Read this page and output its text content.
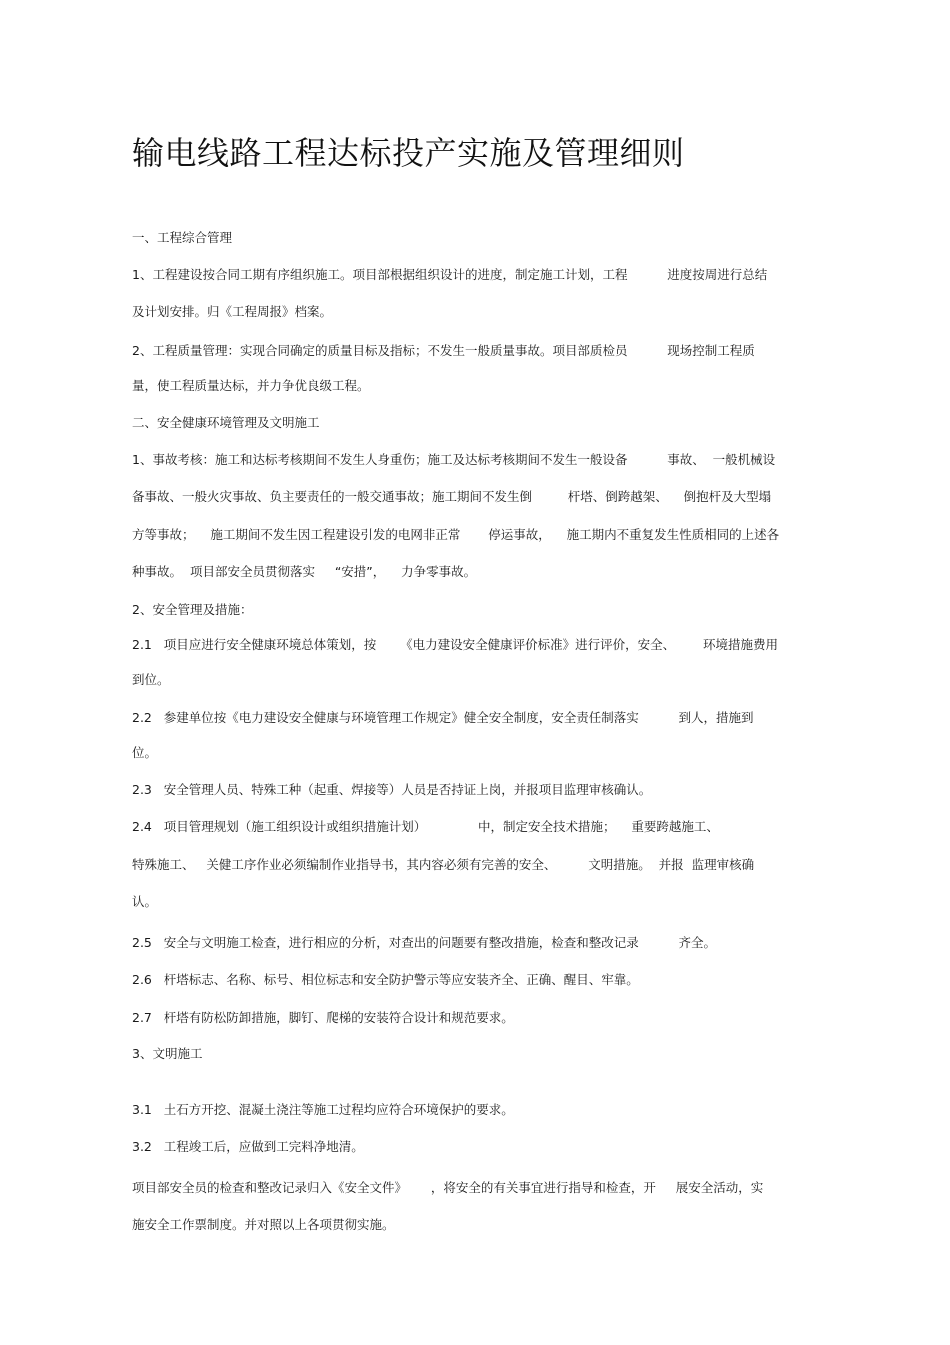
输电线路工程达标投产实施及管理细则
一、工程综合管理
1、工程建设按合同工期有序组织施工。项目部根据组织设计的进度，制定施工计划，工程          进度按周进行总结
及计划安排。归《工程周报》档案。
2、工程质量管理：实现合同确定的质量目标及指标；不发生一般质量事故。项目部质检员          现场控制工程质
量，使工程质量达标，并力争优良级工程。
二、安全健康环境管理及文明施工
1、事故考核：施工和达标考核期间不发生人身重伤；施工及达标考核期间不发生一般设备          事故、  一般机械设
备事故、一般火灾事故、负主要责任的一般交通事故；施工期间不发生倒         杆塔、倒跨越架、    倒抱杆及大型塌
方等事故；    施工期间不发生因工程建设引发的电网非正常       停运事故，    施工期内不重复发生性质相同的上述各
种事故。  项目部安全员贯彻落实     “安措”，    力争零事故。
2、安全管理及措施：
2.1   项目应进行安全健康环境总体策划，按      《电力建设安全健康评价标准》进行评价，安全、       环境措施费用
到位。
2.2   参建单位按《电力建设安全健康与环境管理工作规定》健全安全制度，安全责任制落实          到人，措施到
位。
2.3   安全管理人员、特殊工种（起重、焊接等）人员是否持证上岗，并报项目监理审核确认。
2.4   项目管理规划（施工组织设计或组织措施计划）             中，制定安全技术措施；    重要跨越施工、
特殊施工、   关健工序作业必须编制作业指导书，其内容必须有完善的安全、        文明措施。  并报  监理审核确
认。
2.5   安全与文明施工检查，进行相应的分析，对查出的问题要有整改措施，检查和整改记录          齐全。
2.6   杆塔标志、名称、标号、相位标志和安全防护警示等应安装齐全、正确、醒目、牢靠。
2.7   杆塔有防松防卸措施，脚钉、爬梯的安装符合设计和规范要求。
3、文明施工
3.1   土石方开挖、混凝土浇注等施工过程均应符合环境保护的要求。
3.2   工程竣工后，应做到工完料净地清。
项目部安全员的检查和整改记录归入《安全文件》      ，将安全的有关事宜进行指导和检查，开     展安全活动，实
施安全工作票制度。并对照以上各项贯彻实施。
